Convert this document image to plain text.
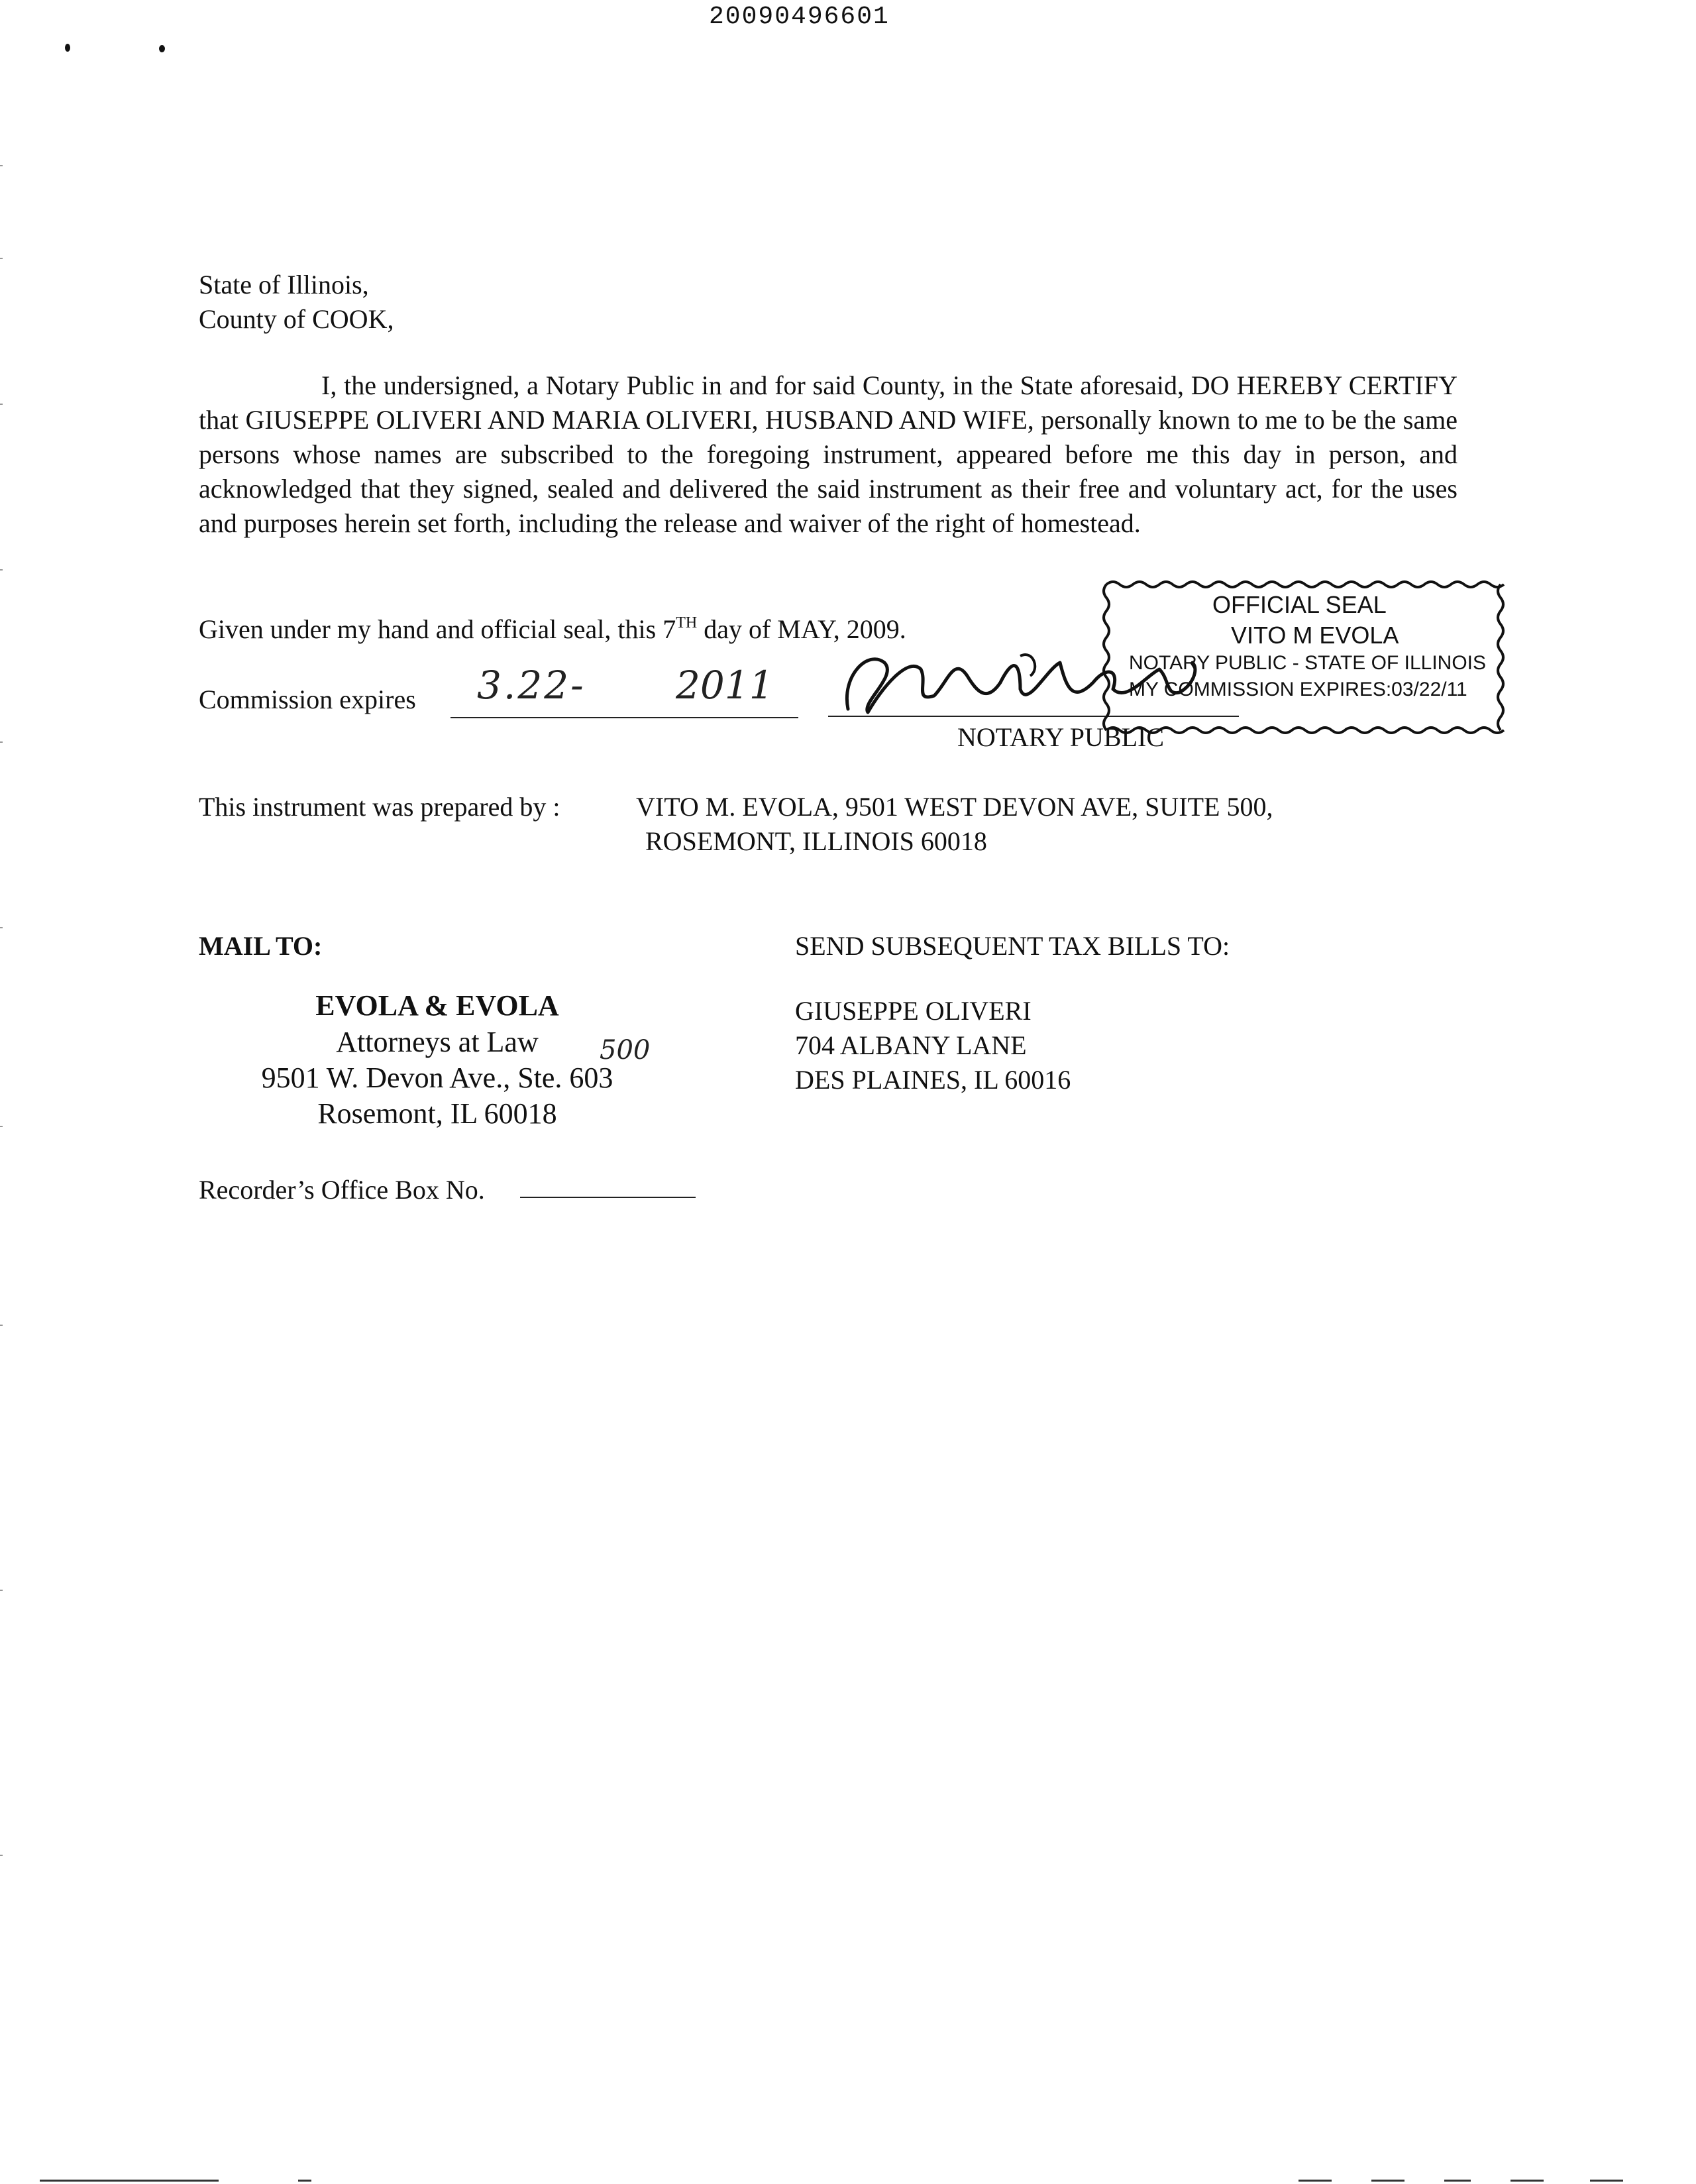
20090496601
State of Illinois,
County of COOK,
I, the undersigned, a Notary Public in and for said County, in the State aforesaid, DO HEREBY CERTIFY that GIUSEPPE OLIVERI AND MARIA OLIVERI, HUSBAND AND WIFE, personally known to me to be the same persons whose names are subscribed to the foregoing instrument, appeared before me this day in person, and acknowledged that they signed, sealed and delivered the said instrument as their free and voluntary act, for the uses and purposes herein set forth, including the release and waiver of the right of homestead.
Given under my hand and official seal, this 7TH day of MAY, 2009.
Commission expires 3.22- 2011
NOTARY PUBLIC
OFFICIAL SEAL
VITO M EVOLA
NOTARY PUBLIC - STATE OF ILLINOIS
MY COMMISSION EXPIRES:03/22/11
This instrument was prepared by :	VITO M. EVOLA, 9501 WEST DEVON AVE, SUITE 500,
ROSEMONT, ILLINOIS 60018
MAIL TO:	SEND SUBSEQUENT TAX BILLS TO:
EVOLA & EVOLA
Attorneys at Law
9501 W. Devon Ave., Ste. 603
Rosemont, IL 60018
500
GIUSEPPE OLIVERI
704 ALBANY LANE
DES PLAINES, IL 60016
Recorder’s Office Box No.
